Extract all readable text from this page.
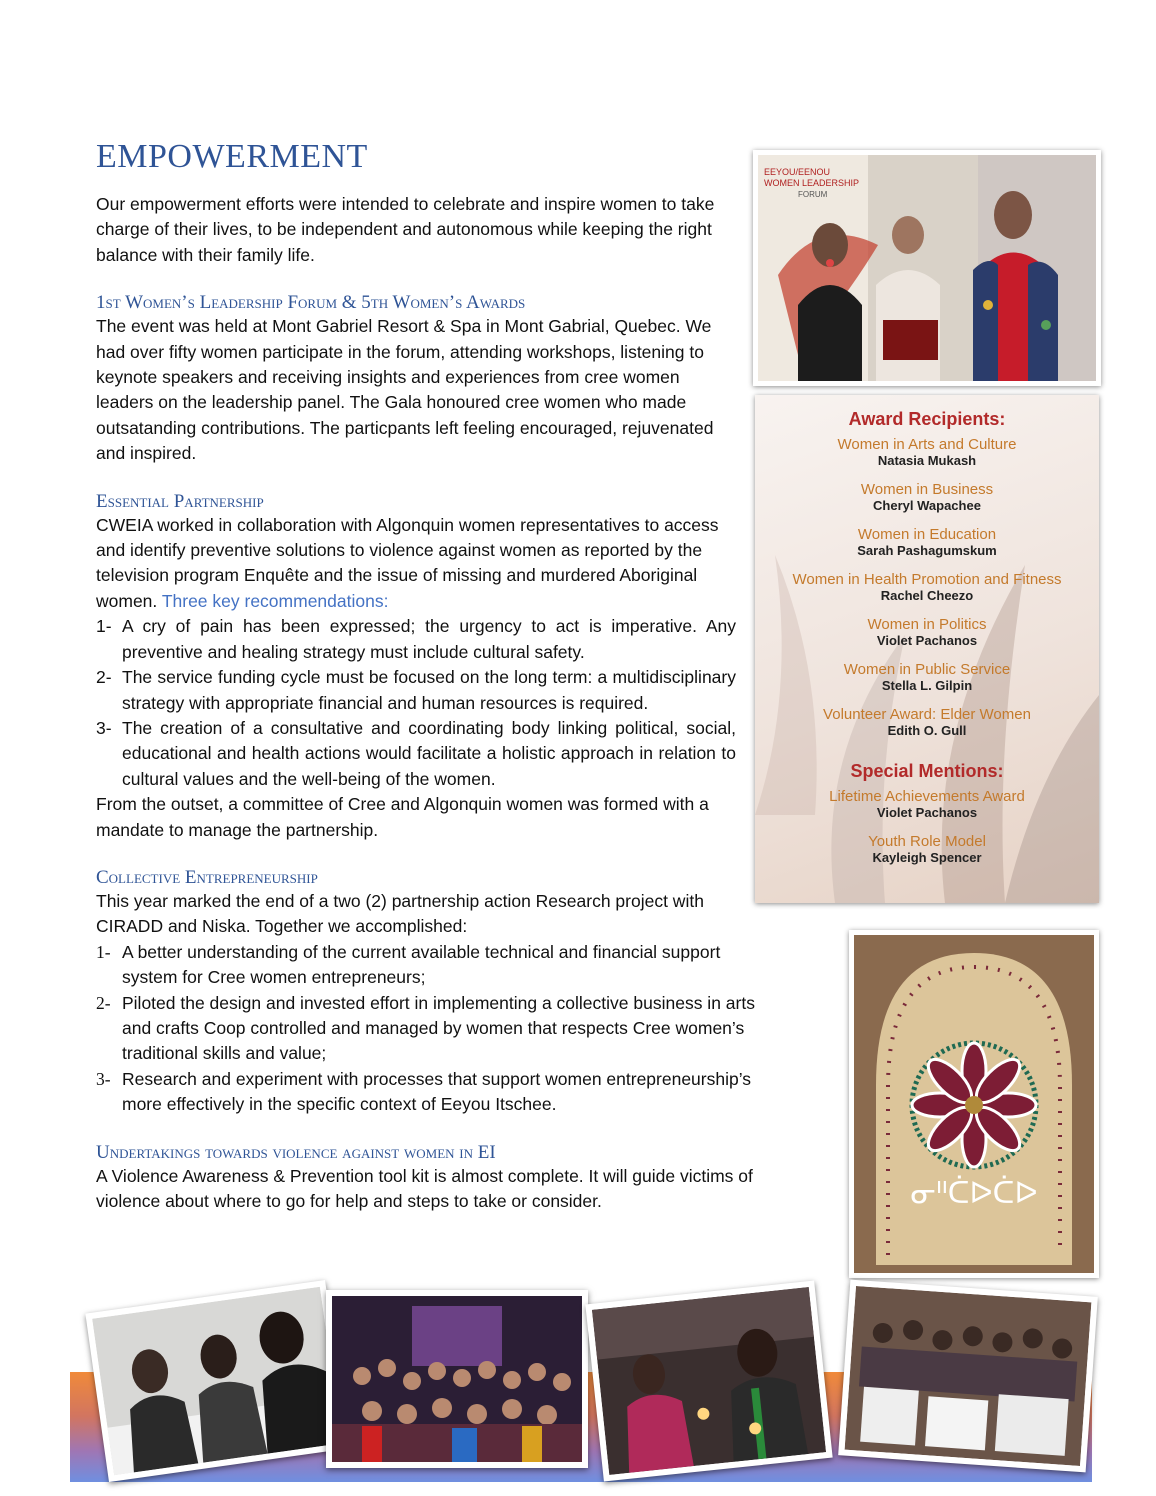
EMPOWERMENT

Our empowerment efforts were intended to celebrate and inspire women to take charge of their lives, to be independent and autonomous while keeping the right balance with their family life.

1st Women’s Leadership Forum & 5th Women’s Awards

The event was held at Mont Gabriel Resort & Spa in Mont Gabrial, Quebec. We had over fifty women participate in the forum, attending workshops, listening to keynote speakers and receiving insights and experiences from cree women leaders on the leadership panel. The Gala honoured cree women who made outsatanding contributions. The particpants left feeling encouraged, rejuvenated and inspired.

Essential Partnership

CWEIA worked in collaboration with Algonquin women representatives to access and identify preventive solutions to violence against women as reported by the television program Enquête and the issue of missing and murdered Aboriginal women. Three key recommendations:

1- A cry of pain has been expressed; the urgency to act is imperative. Any preventive and healing strategy must include cultural safety.
2- The service funding cycle must be focused on the long term: a multidisciplinary strategy with appropriate financial and human resources is required.
3- The creation of a consultative and coordinating body linking political, social, educational and health actions would facilitate a holistic approach in relation to cultural values and the well-being of the women.

From the outset, a committee of Cree and Algonquin women was formed with a mandate to manage the partnership.

Collective Entrepreneurship

This year marked the end of a two (2) partnership action Research project with CIRADD and Niska. Together we accomplished:

1- A better understanding of the current available technical and financial support system for Cree women entrepreneurs;
2- Piloted the design and invested effort in implementing a collective business in arts and crafts Coop controlled and managed by women that respects Cree women’s traditional skills and value;
3- Research and experiment with processes that support women entrepreneurship’s more effectively in the specific context of Eeyou Itschee.
Undertakings towards violence against women in EI

A Violence Awareness & Prevention tool kit is almost complete. It will guide victims of violence about where to go for help and steps to take or consider.

EEYOU/EENOU
WOMEN LEADERSHIP
FORUM
Award Recipients:
Women in Arts and Culture
Natasia Mukash
Women in Business
Cheryl Wapachee
Women in Education
Sarah Pashagumskum
Women in Health Promotion and Fitness
Rachel Cheezo
Women in Politics
Violet Pachanos
Women in Public Service
Stella L. Gilpin
Volunteer Award: Elder Women
Edith O. Gull
Special Mentions:
Lifetime Achievements Award
Violet Pachanos
Youth Role Model
Kayleigh Spencer
ᓂᐦᑖᐅᑖᐅ
